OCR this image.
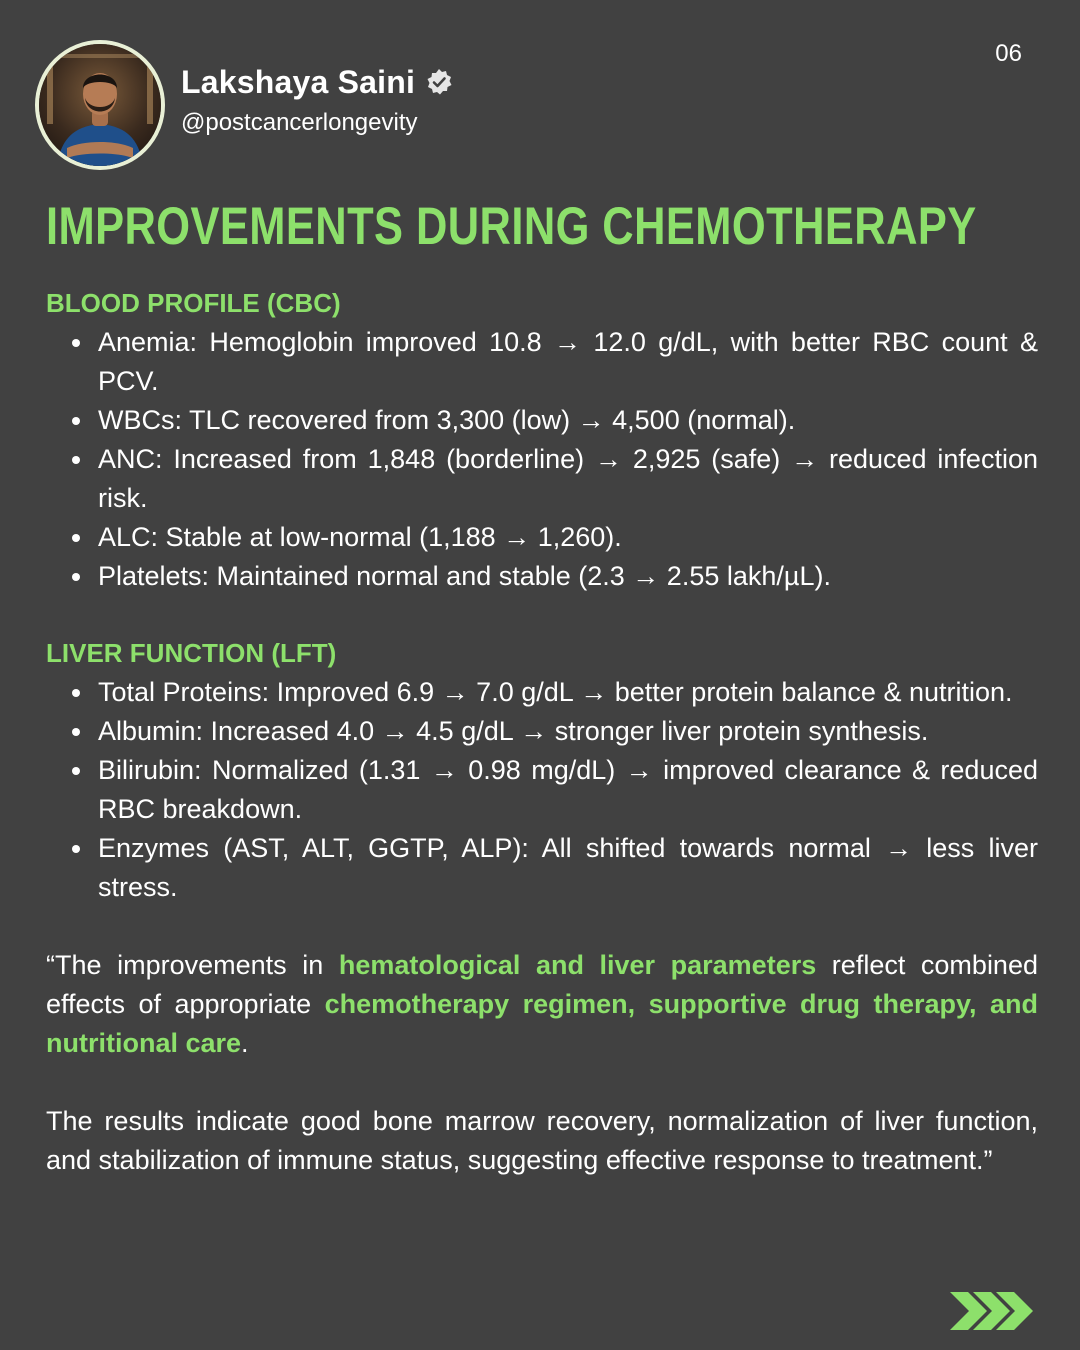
Lakshaya Saini
@postcancerlongevity
06
IMPROVEMENTS DURING CHEMOTHERAPY
BLOOD PROFILE (CBC)
Anemia: Hemoglobin improved 10.8 → 12.0 g/dL, with better RBC count & PCV.
WBCs: TLC recovered from 3,300 (low) → 4,500 (normal).
ANC: Increased from 1,848 (borderline) → 2,925 (safe) → reduced infection risk.
ALC: Stable at low-normal (1,188 → 1,260).
Platelets: Maintained normal and stable (2.3 → 2.55 lakh/µL).
LIVER FUNCTION (LFT)
Total Proteins: Improved 6.9 → 7.0 g/dL → better protein balance & nutrition.
Albumin: Increased 4.0 → 4.5 g/dL → stronger liver protein synthesis.
Bilirubin: Normalized (1.31 → 0.98 mg/dL) → improved clearance & reduced RBC breakdown.
Enzymes (AST, ALT, GGTP, ALP): All shifted towards normal → less liver stress.

“The improvements in hematological and liver parameters reflect combined effects of appropriate chemotherapy regimen, supportive drug therapy, and nutritional care.

The results indicate good bone marrow recovery, normalization of liver function, and stabilization of immune status, suggesting effective response to treatment.”
